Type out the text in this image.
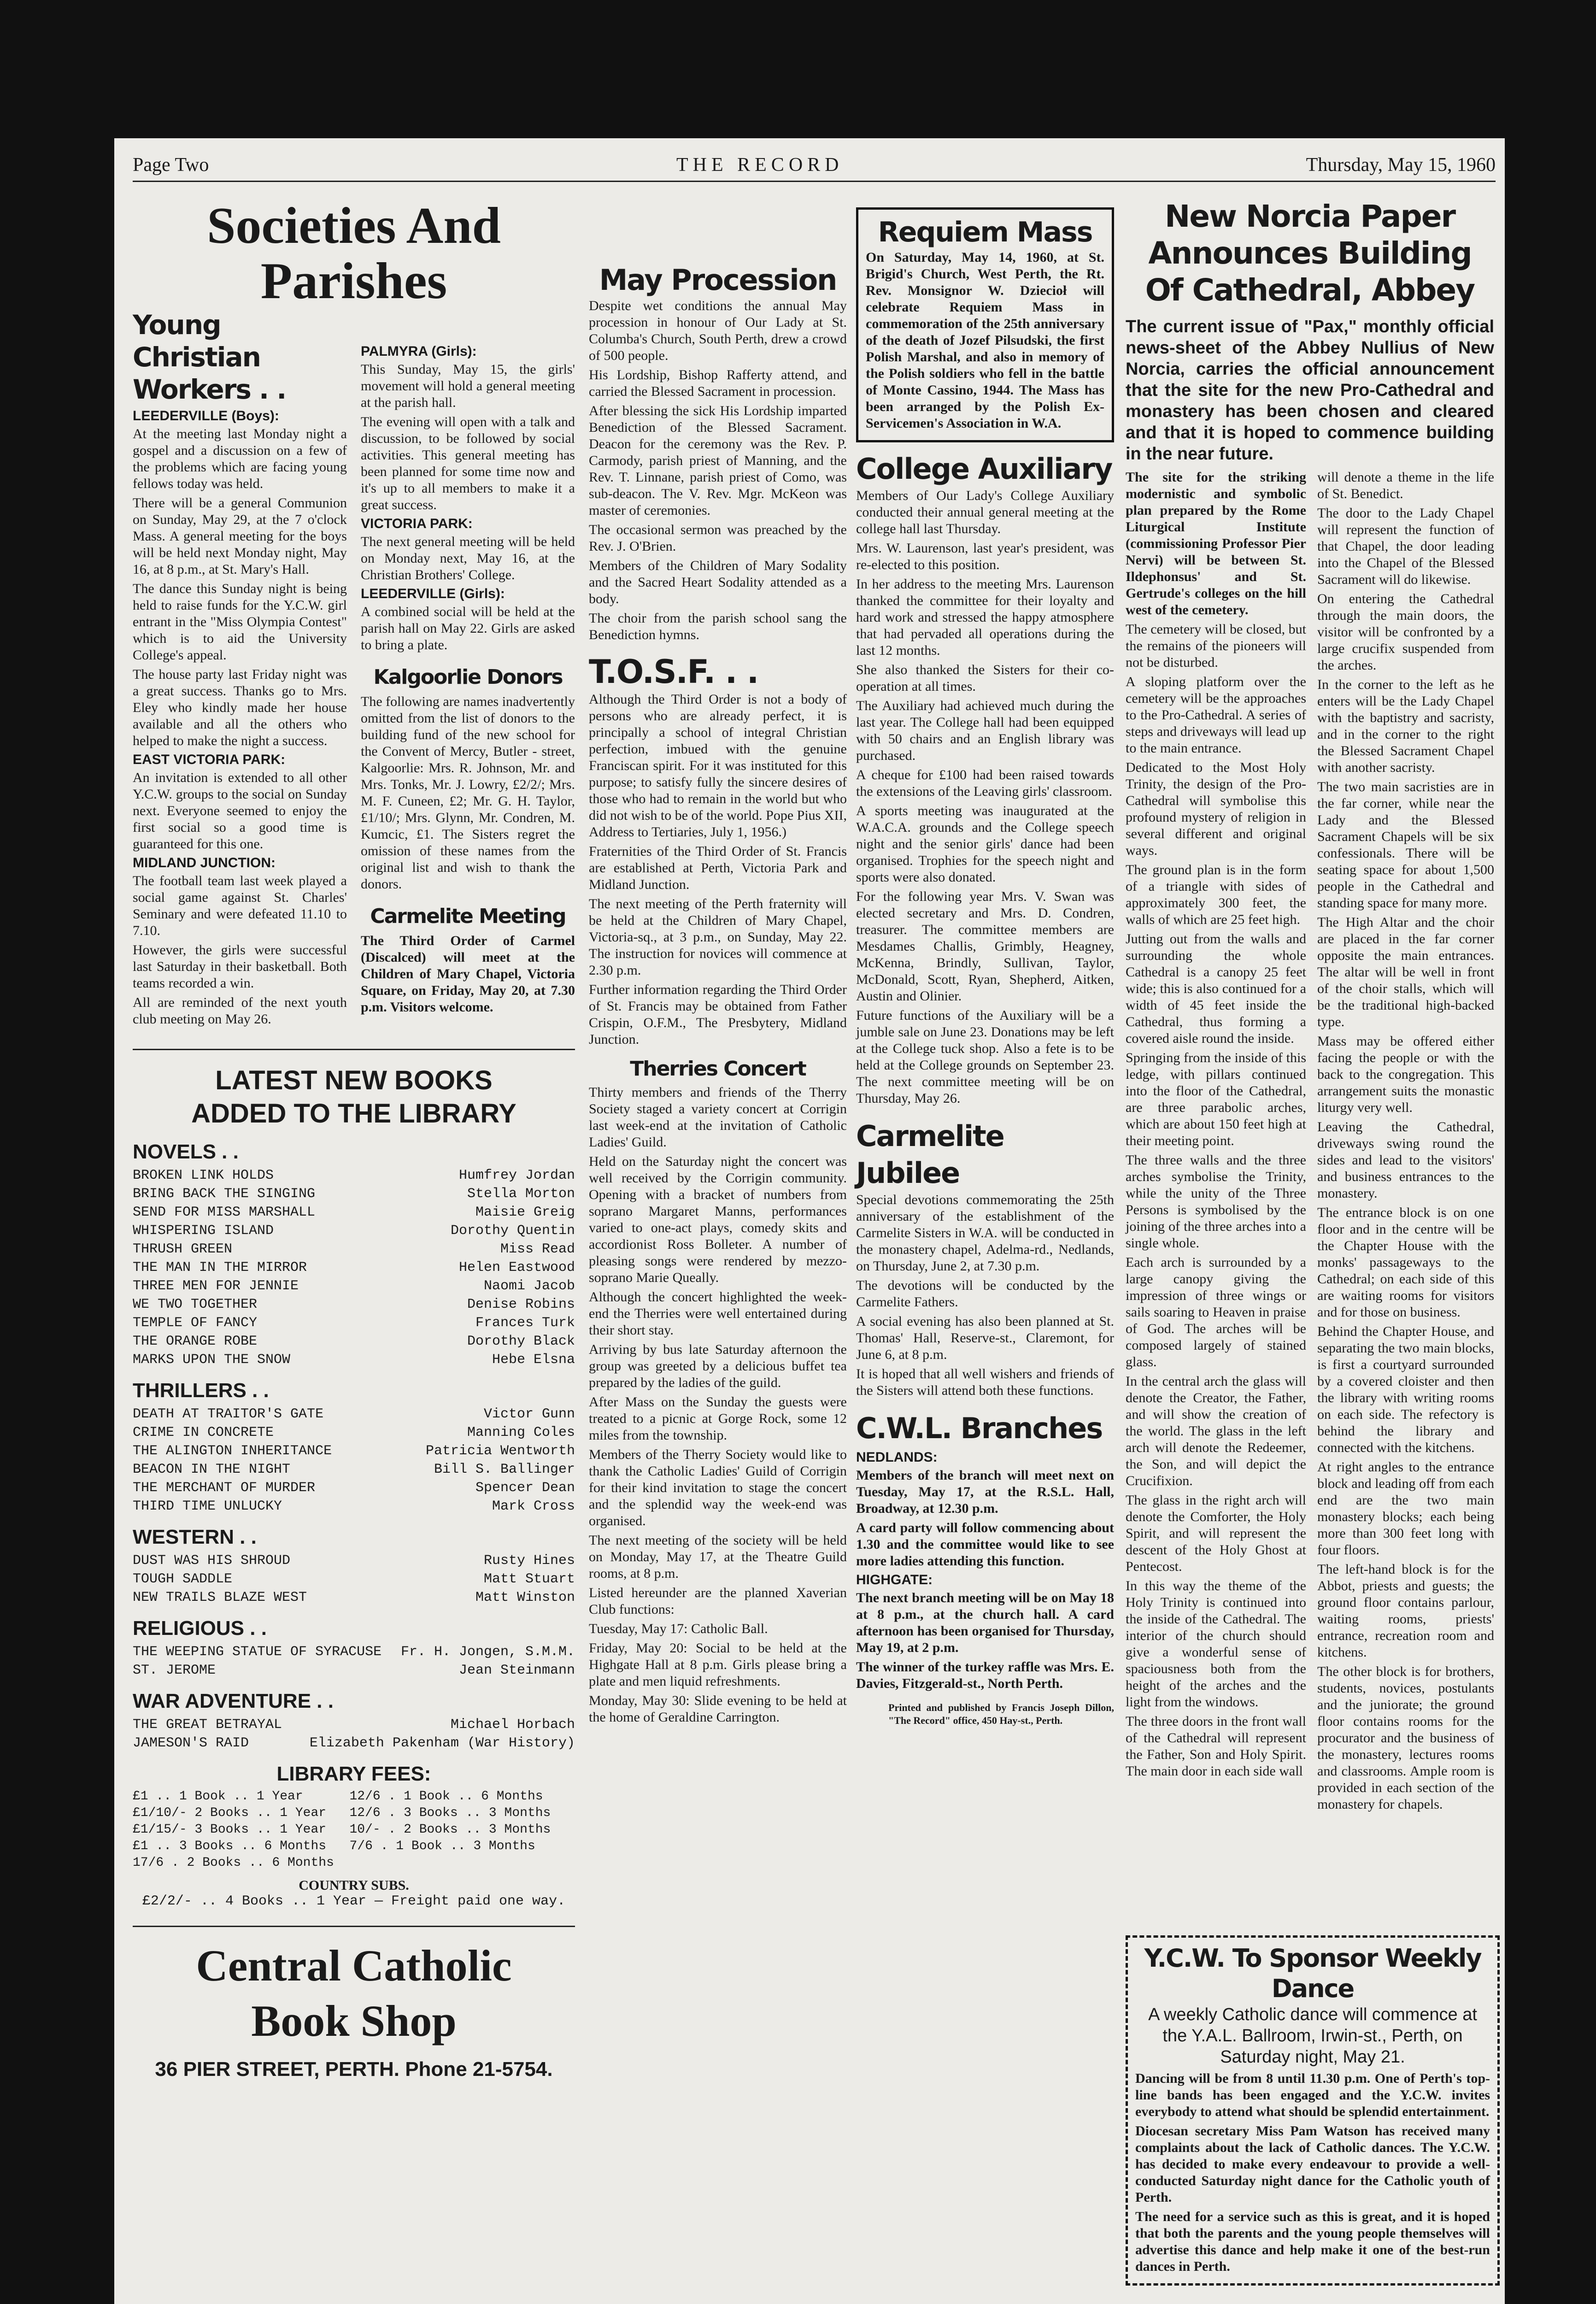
Page Two	THE RECORD	Thursday, May 15, 1960
Societies And Parishes
Young Christian Workers . .
LEEDERVILLE (Boys):

At the meeting last Monday night a gospel and a discussion on a few of the problems which are facing young fellows today was held.

There will be a general Communion on Sunday, May 29, at the 7 o'clock Mass. A general meeting for the boys will be held next Monday night, May 16, at 8 p.m., at St. Mary's Hall.

The dance this Sunday night is being held to raise funds for the Y.C.W. girl entrant in the "Miss Olympia Contest" which is to aid the University College's appeal.

The house party last Friday night was a great success. Thanks go to Mrs. Eley who kindly made her house available and all the others who helped to make the night a success.

EAST VICTORIA PARK:

An invitation is extended to all other Y.C.W. groups to the social on Sunday next. Everyone seemed to enjoy the first social so a good time is guaranteed for this one.

MIDLAND JUNCTION:

The football team last week played a social game against St. Charles' Seminary and were defeated 11.10 to 7.10.

However, the girls were successful last Saturday in their basketball. Both teams recorded a win.

All are reminded of the next youth club meeting on May 26.

PALMYRA (Girls):

This Sunday, May 15, the girls' movement will hold a general meeting at the parish hall.

The evening will open with a talk and discussion, to be followed by social activities. This general meeting has been planned for some time now and it's up to all members to make it a great success.

VICTORIA PARK:

The next general meeting will be held on Monday next, May 16, at the Christian Brothers' College.

LEEDERVILLE (Girls):

A combined social will be held at the parish hall on May 22. Girls are asked to bring a plate.

Kalgoorlie Donors

The following are names inadvertently omitted from the list of donors to the building fund of the new school for the Convent of Mercy, Butler - street, Kalgoorlie: Mrs. R. Johnson, Mr. and Mrs. Tonks, Mr. J. Lowry, £2/2/; Mrs. M. F. Cuneen, £2; Mr. G. H. Taylor, £1/10/; Mrs. Glynn, Mr. Condren, M. Kumcic, £1. The Sisters regret the omission of these names from the original list and wish to thank the donors.

Carmelite Meeting

The Third Order of Carmel (Discalced) will meet at the Children of Mary Chapel, Victoria Square, on Friday, May 20, at 7.30 p.m. Visitors welcome.

LATEST NEW BOOKS ADDED TO THE LIBRARY
NOVELS . .
BROKEN LINK HOLDS	Humfrey Jordan
BRING BACK THE SINGING	Stella Morton
SEND FOR MISS MARSHALL	Maisie Greig
WHISPERING ISLAND	Dorothy Quentin
THRUSH GREEN	Miss Read
THE MAN IN THE MIRROR	Helen Eastwood
THREE MEN FOR JENNIE	Naomi Jacob
WE TWO TOGETHER	Denise Robins
TEMPLE OF FANCY	Frances Turk
THE ORANGE ROBE	Dorothy Black
MARKS UPON THE SNOW	Hebe Elsna
THRILLERS . .
DEATH AT TRAITOR'S GATE	Victor Gunn
CRIME IN CONCRETE	Manning Coles
THE ALINGTON INHERITANCE	Patricia Wentworth
BEACON IN THE NIGHT	Bill S. Ballinger
THE MERCHANT OF MURDER	Spencer Dean
THIRD TIME UNLUCKY	Mark Cross
WESTERN . .
DUST WAS HIS SHROUD	Rusty Hines
TOUGH SADDLE	Matt Stuart
NEW TRAILS BLAZE WEST	Matt Winston
RELIGIOUS . .
THE WEEPING STATUE OF SYRACUSE Fr. H. Jongen, S.M.M.
ST. JEROME	Jean Steinmann
WAR ADVENTURE . .
THE GREAT BETRAYAL	Michael Horbach
JAMESON'S RAID	Elizabeth Pakenham (War History)
LIBRARY FEES:
£1 .. 1 Book .. 1 Year      12/6 . 1 Book .. 6 Months
£1/10/- 2 Books .. 1 Year   12/6 . 3 Books .. 3 Months
£1/15/- 3 Books .. 1 Year   10/- . 2 Books .. 3 Months
£1 .. 3 Books .. 6 Months   7/6 . 1 Book .. 3 Months
17/6 . 2 Books .. 6 Months
COUNTRY SUBS.
£2/2/- .. 4 Books .. 1 Year — Freight paid one way.
Central Catholic
Book Shop
36 PIER STREET, PERTH. Phone 21-5754.
May Procession

Despite wet conditions the annual May procession in honour of Our Lady at St. Columba's Church, South Perth, drew a crowd of 500 people.

His Lordship, Bishop Rafferty attend, and carried the Blessed Sacrament in procession.

After blessing the sick His Lordship imparted Benediction of the Blessed Sacrament. Deacon for the ceremony was the Rev. P. Carmody, parish priest of Manning, and the Rev. T. Linnane, parish priest of Como, was sub-deacon. The V. Rev. Mgr. McKeon was master of ceremonies.

The occasional sermon was preached by the Rev. J. O'Brien.

Members of the Children of Mary Sodality and the Sacred Heart Sodality attended as a body.

The choir from the parish school sang the Benediction hymns.

T.O.S.F. . .

Although the Third Order is not a body of persons who are already perfect, it is principally a school of integral Christian perfection, imbued with the genuine Franciscan spirit. For it was instituted for this purpose; to satisfy fully the sincere desires of those who had to remain in the world but who did not wish to be of the world. Pope Pius XII, Address to Tertiaries, July 1, 1956.)

Fraternities of the Third Order of St. Francis are established at Perth, Victoria Park and Midland Junction.

The next meeting of the Perth fraternity will be held at the Children of Mary Chapel, Victoria-sq., at 3 p.m., on Sunday, May 22. The instruction for novices will commence at 2.30 p.m.

Further information regarding the Third Order of St. Francis may be obtained from Father Crispin, O.F.M., The Presbytery, Midland Junction.

Therries Concert

Thirty members and friends of the Therry Society staged a variety concert at Corrigin last week-end at the invitation of Catholic Ladies' Guild.

Held on the Saturday night the concert was well received by the Corrigin community. Opening with a bracket of numbers from soprano Margaret Manns, performances varied to one-act plays, comedy skits and accordionist Ross Bolleter. A number of pleasing songs were rendered by mezzo-soprano Marie Queally.

Although the concert highlighted the week-end the Therries were well entertained during their short stay.

Arriving by bus late Saturday afternoon the group was greeted by a delicious buffet tea prepared by the ladies of the guild.

After Mass on the Sunday the guests were treated to a picnic at Gorge Rock, some 12 miles from the township.

Members of the Therry Society would like to thank the Catholic Ladies' Guild of Corrigin for their kind invitation to stage the concert and the splendid way the week-end was organised.

The next meeting of the society will be held on Monday, May 17, at the Theatre Guild rooms, at 8 p.m.

Listed hereunder are the planned Xaverian Club functions:

Tuesday, May 17: Catholic Ball.

Friday, May 20: Social to be held at the Highgate Hall at 8 p.m. Girls please bring a plate and men liquid refreshments.

Monday, May 30: Slide evening to be held at the home of Geraldine Carrington.

Requiem Mass

On Saturday, May 14, 1960, at St. Brigid's Church, West Perth, the Rt. Rev. Monsignor W. Dziecioł will celebrate Requiem Mass in commemoration of the 25th anniversary of the death of Jozef Pilsudski, the first Polish Marshal, and also in memory of the Polish soldiers who fell in the battle of Monte Cassino, 1944. The Mass has been arranged by the Polish Ex-Servicemen's Association in W.A.

College Auxiliary

Members of Our Lady's College Auxiliary conducted their annual general meeting at the college hall last Thursday.

Mrs. W. Laurenson, last year's president, was re-elected to this position.

In her address to the meeting Mrs. Laurenson thanked the committee for their loyalty and hard work and stressed the happy atmosphere that had pervaded all operations during the last 12 months.

She also thanked the Sisters for their co-operation at all times.

The Auxiliary had achieved much during the last year. The College hall had been equipped with 50 chairs and an English library was purchased.

A cheque for £100 had been raised towards the extensions of the Leaving girls' classroom.

A sports meeting was inaugurated at the W.A.C.A. grounds and the College speech night and the senior girls' dance had been organised. Trophies for the speech night and sports were also donated.

For the following year Mrs. V. Swan was elected secretary and Mrs. D. Condren, treasurer. The committee members are Mesdames Challis, Grimbly, Heagney, McKenna, Brindly, Sullivan, Taylor, McDonald, Scott, Ryan, Shepherd, Aitken, Austin and Olinier.

Future functions of the Auxiliary will be a jumble sale on June 23. Donations may be left at the College tuck shop. Also a fete is to be held at the College grounds on September 23. The next committee meeting will be on Thursday, May 26.

Carmelite Jubilee

Special devotions commemorating the 25th anniversary of the establishment of the Carmelite Sisters in W.A. will be conducted in the monastery chapel, Adelma-rd., Nedlands, on Thursday, June 2, at 7.30 p.m.

The devotions will be conducted by the Carmelite Fathers.

A social evening has also been planned at St. Thomas' Hall, Reserve-st., Claremont, for June 6, at 8 p.m.

It is hoped that all well wishers and friends of the Sisters will attend both these functions.

C.W.L. Branches
NEDLANDS:

Members of the branch will meet next on Tuesday, May 17, at the R.S.L. Hall, Broadway, at 12.30 p.m.

A card party will follow commencing about 1.30 and the committee would like to see more ladies attending this function.

HIGHGATE:

The next branch meeting will be on May 18 at 8 p.m., at the church hall. A card afternoon has been organised for Thursday, May 19, at 2 p.m.

The winner of the turkey raffle was Mrs. E. Davies, Fitzgerald-st., North Perth.

Printed and published by Francis Joseph Dillon, "The Record" office, 450 Hay-st., Perth.

New Norcia Paper Announces Building Of Cathedral, Abbey

The current issue of "Pax," monthly official news-sheet of the Abbey Nullius of New Norcia, carries the official announcement that the site for the new Pro-Cathedral and monastery has been chosen and cleared and that it is hoped to commence building in the near future.

The site for the striking modernistic and symbolic plan prepared by the Rome Liturgical Institute (commissioning Professor Pier Nervi) will be between St. Ildephonsus' and St. Gertrude's colleges on the hill west of the cemetery.

The cemetery will be closed, but the remains of the pioneers will not be disturbed.

A sloping platform over the cemetery will be the approaches to the Pro-Cathedral. A series of steps and driveways will lead up to the main entrance.

Dedicated to the Most Holy Trinity, the design of the Pro-Cathedral will symbolise this profound mystery of religion in several different and original ways.

The ground plan is in the form of a triangle with sides of approximately 300 feet, the walls of which are 25 feet high.

Jutting out from the walls and surrounding the whole Cathedral is a canopy 25 feet wide; this is also continued for a width of 45 feet inside the Cathedral, thus forming a covered aisle round the inside.

Springing from the inside of this ledge, with pillars continued into the floor of the Cathedral, are three parabolic arches, which are about 150 feet high at their meeting point.

The three walls and the three arches symbolise the Trinity, while the unity of the Three Persons is symbolised by the joining of the three arches into a single whole.

Each arch is surrounded by a large canopy giving the impression of three wings or sails soaring to Heaven in praise of God. The arches will be composed largely of stained glass.

In the central arch the glass will denote the Creator, the Father, and will show the creation of the world. The glass in the left arch will denote the Redeemer, the Son, and will depict the Crucifixion.

The glass in the right arch will denote the Comforter, the Holy Spirit, and will represent the descent of the Holy Ghost at Pentecost.

In this way the theme of the Holy Trinity is continued into the inside of the Cathedral. The interior of the church should give a wonderful sense of spaciousness both from the height of the arches and the light from the windows.

The three doors in the front wall of the Cathedral will represent the Father, Son and Holy Spirit. The main door in each side wall

will denote a theme in the life of St. Benedict.

The door to the Lady Chapel will represent the function of that Chapel, the door leading into the Chapel of the Blessed Sacrament will do likewise.

On entering the Cathedral through the main doors, the visitor will be confronted by a large crucifix suspended from the arches.

In the corner to the left as he enters will be the Lady Chapel with the baptistry and sacristy, and in the corner to the right the Blessed Sacrament Chapel with another sacristy.

The two main sacristies are in the far corner, while near the Lady and the Blessed Sacrament Chapels will be six confessionals. There will be seating space for about 1,500 people in the Cathedral and standing space for many more.

The High Altar and the choir are placed in the far corner opposite the main entrances. The altar will be well in front of the choir stalls, which will be the traditional high-backed type.

Mass may be offered either facing the people or with the back to the congregation. This arrangement suits the monastic liturgy very well.

Leaving the Cathedral, driveways swing round the sides and lead to the visitors' and business entrances to the monastery.

The entrance block is on one floor and in the centre will be the Chapter House with the monks' passageways to the Cathedral; on each side of this are waiting rooms for visitors and for those on business.

Behind the Chapter House, and separating the two main blocks, is first a courtyard surrounded by a covered cloister and then the library with writing rooms on each side. The refectory is behind the library and connected with the kitchens.

At right angles to the entrance block and leading off from each end are the two main monastery blocks; each being more than 300 feet long with four floors.

The left-hand block is for the Abbot, priests and guests; the ground floor contains parlour, waiting rooms, priests' entrance, recreation room and kitchens.

The other block is for brothers, students, novices, postulants and the juniorate; the ground floor contains rooms for the procurator and the business of the monastery, lectures rooms and classrooms. Ample room is provided in each section of the monastery for chapels.

Y.C.W. To Sponsor Weekly Dance

A weekly Catholic dance will commence at the Y.A.L. Ballroom, Irwin-st., Perth, on Saturday night, May 21.

Dancing will be from 8 until 11.30 p.m. One of Perth's top-line bands has been engaged and the Y.C.W. invites everybody to attend what should be splendid entertainment.

Diocesan secretary Miss Pam Watson has received many complaints about the lack of Catholic dances. The Y.C.W. has decided to make every endeavour to provide a well-conducted Saturday night dance for the Catholic youth of Perth.

The need for a service such as this is great, and it is hoped that both the parents and the young people themselves will advertise this dance and help make it one of the best-run dances in Perth.
